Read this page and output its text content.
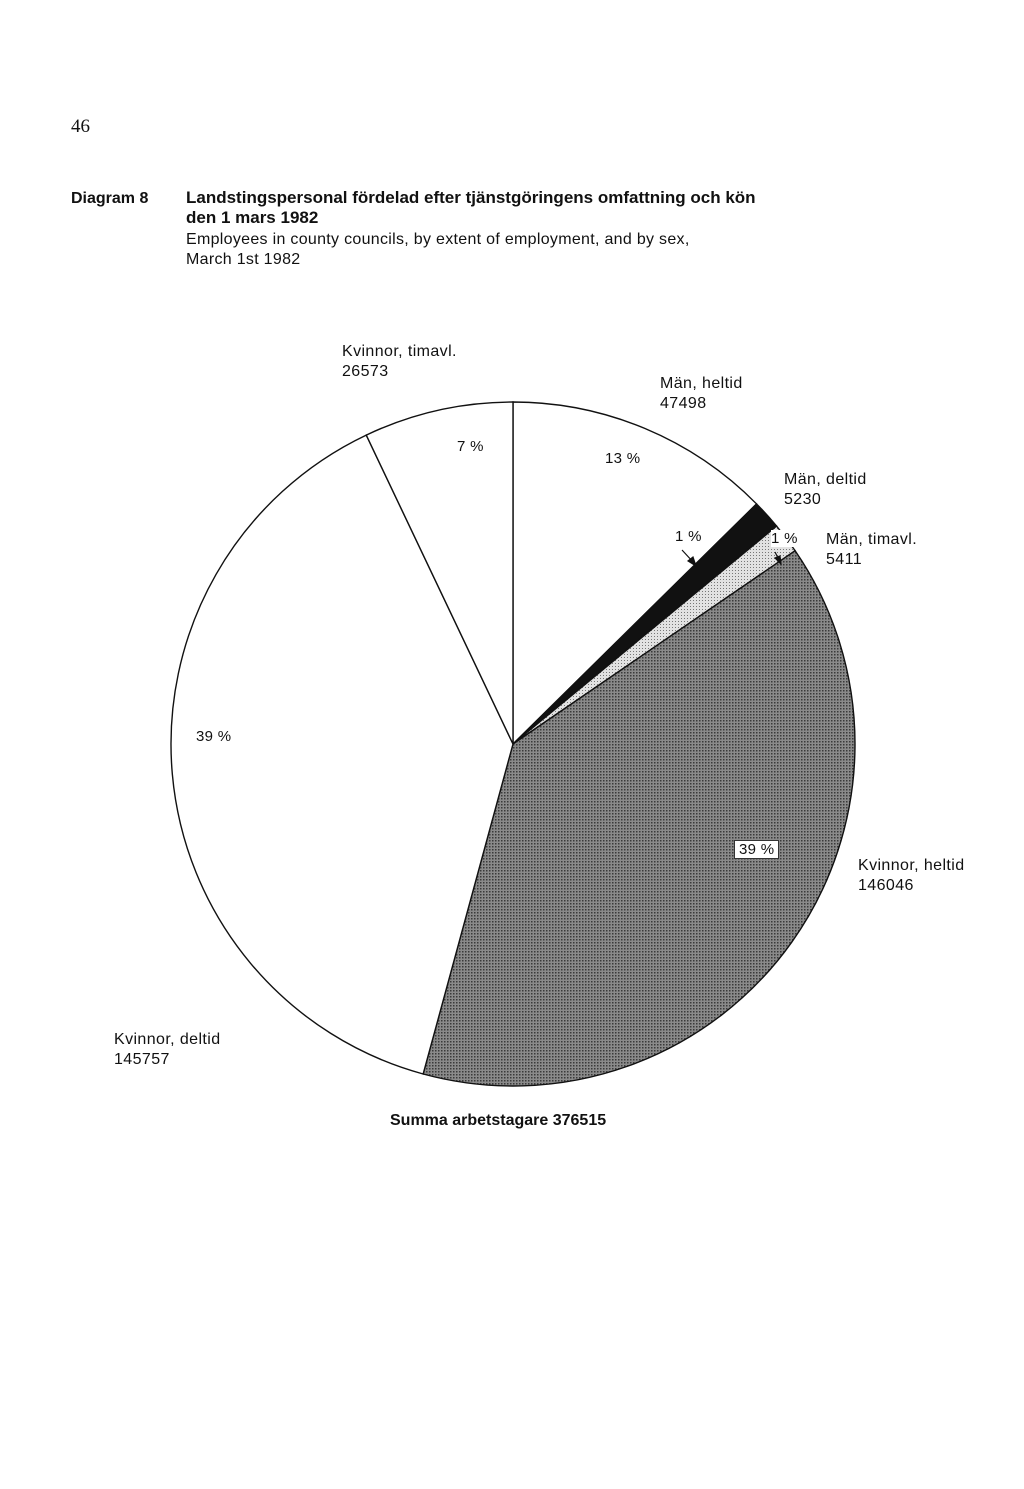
46
Diagram 8 Landstingspersonal fördelad efter tjänstgöringens omfattning och kön
den 1 mars 1982

Employees in county councils, by extent of employment, and by sex,
March 1st 1982

Kvinnor, timavl.
26573
Män, heltid
47498
Män, deltid
5230
Män, timavl.
5411
Kvinnor, heltid
146046
Kvinnor, deltid
145757
7 %
13 %
1 %	1 %
39 %
39 %
Summa arbetstagare 376515
